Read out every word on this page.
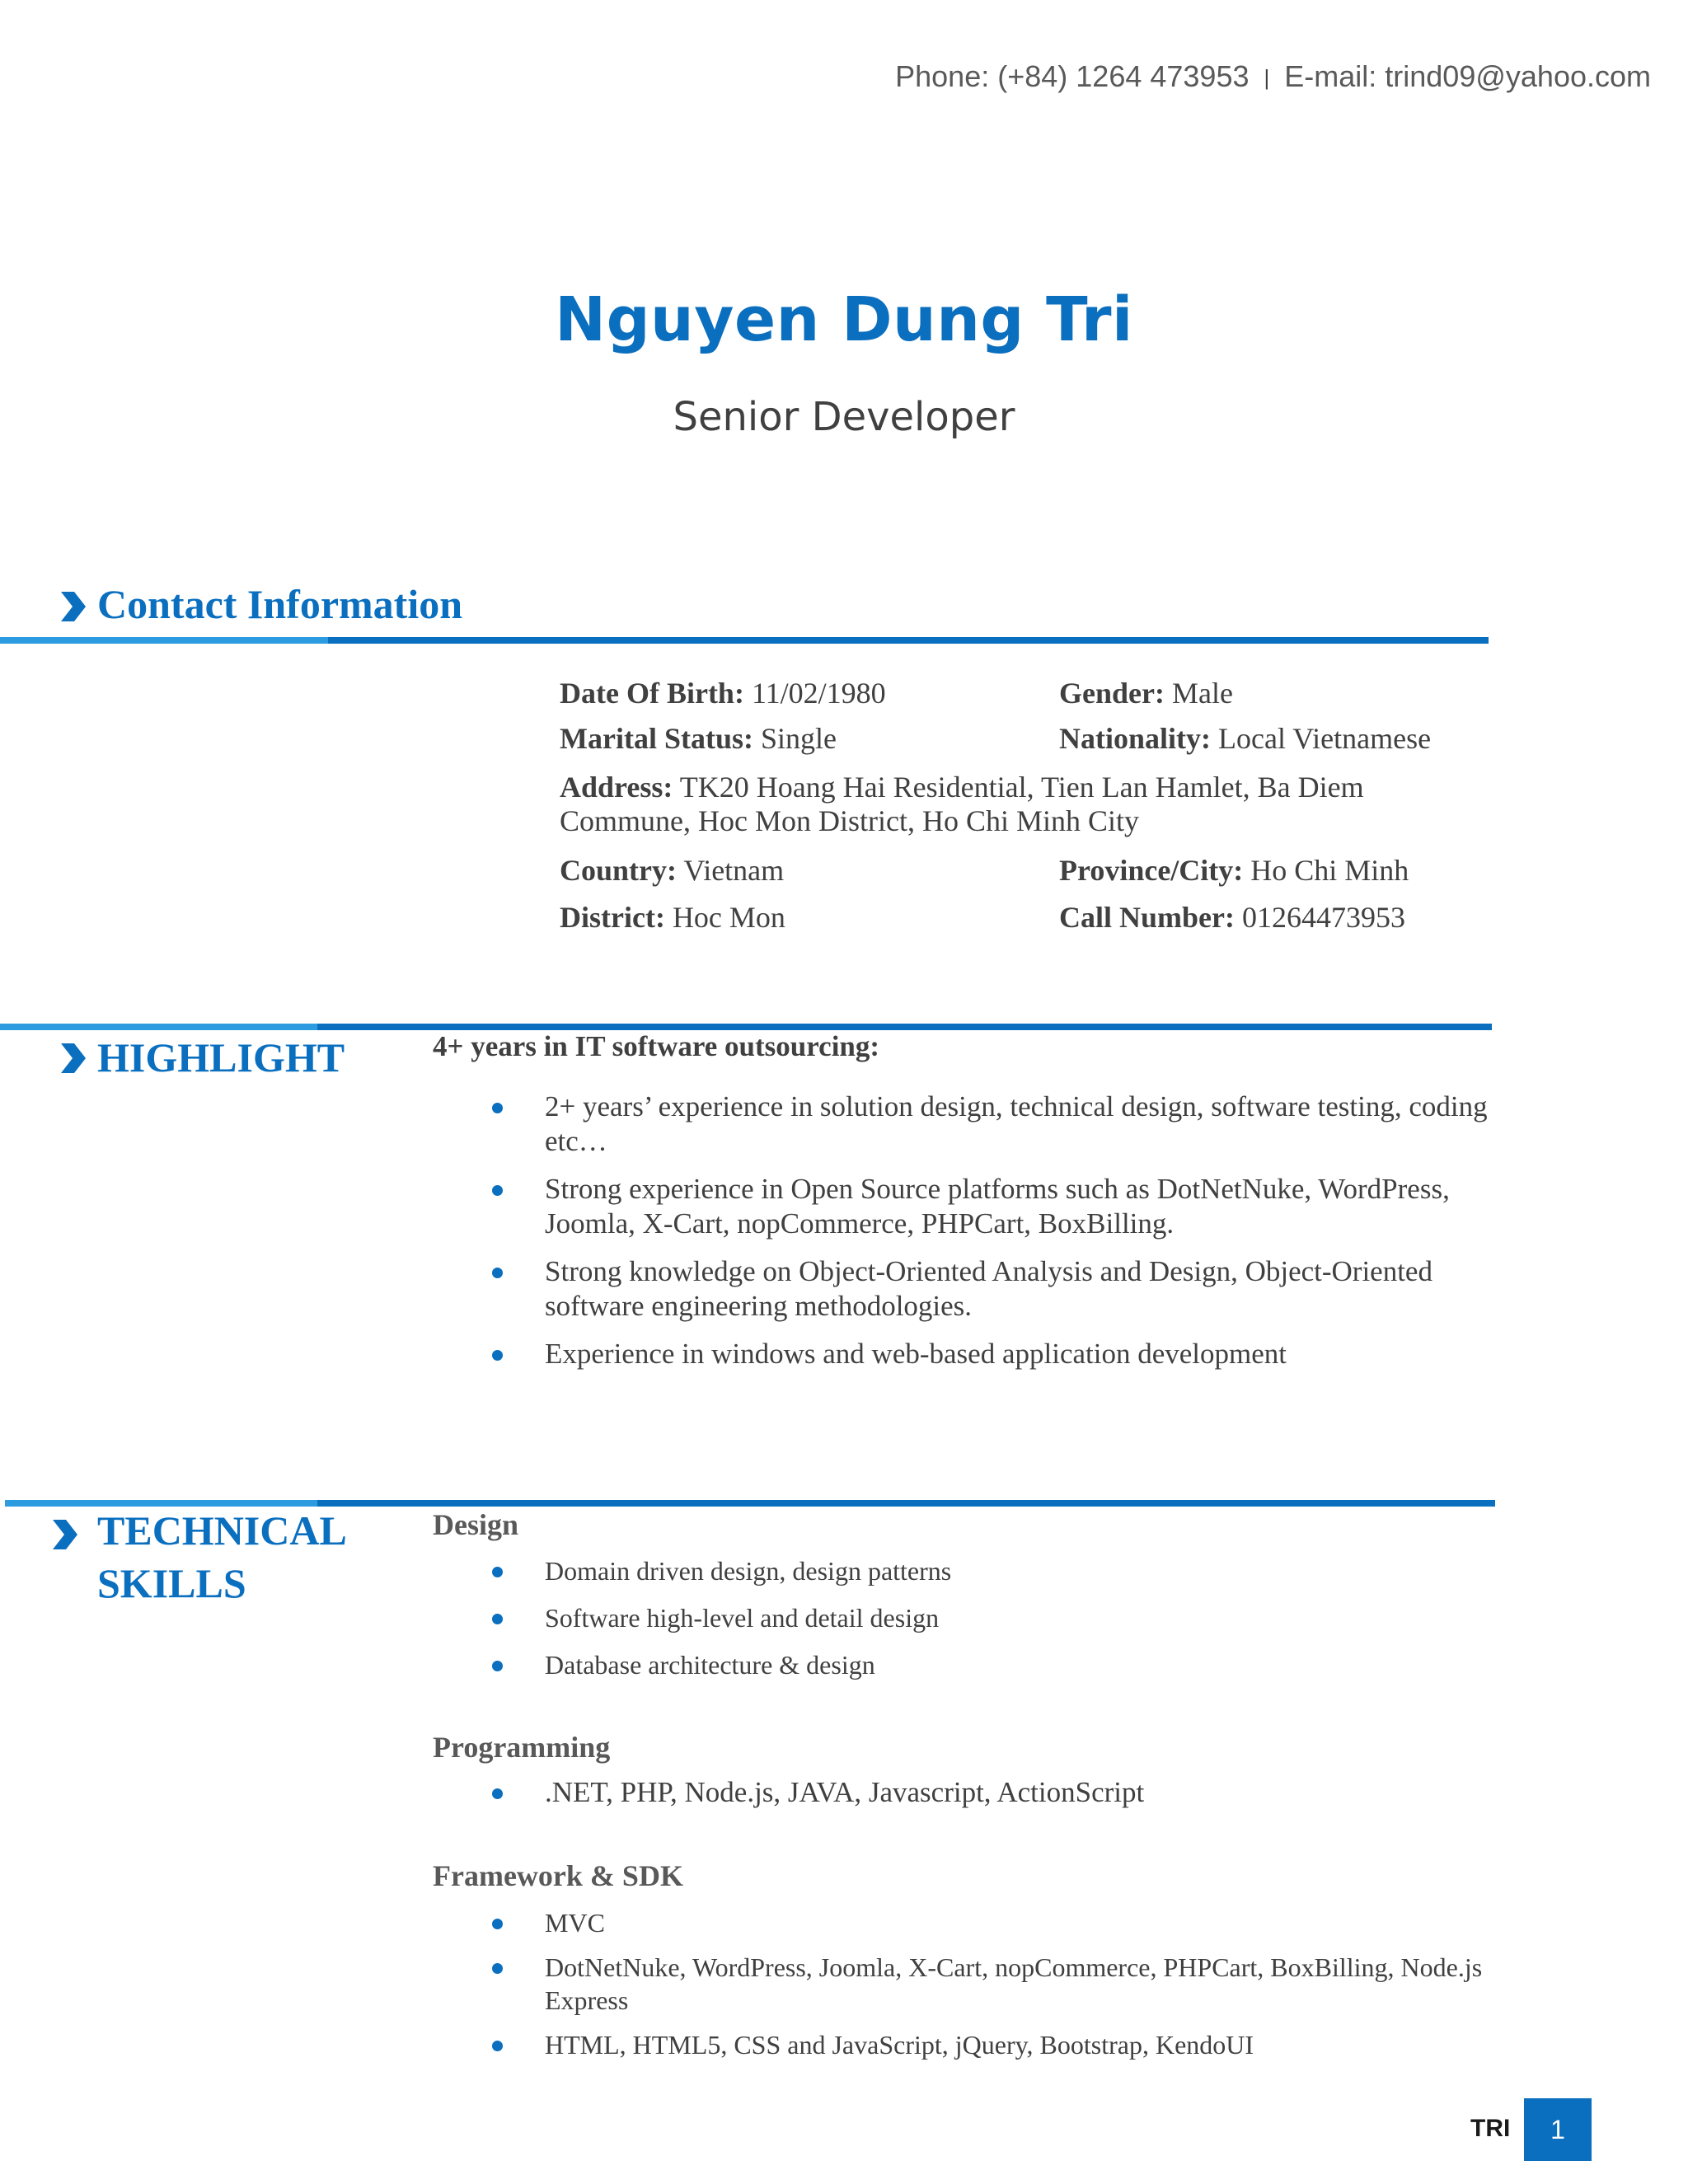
Phone: (+84) 1264 473953 | E-mail: trind09@yahoo.com
Nguyen Dung Tri
Senior Developer
Contact Information
Date Of Birth: 11/02/1980	Gender: Male
Marital Status: Single	Nationality: Local Vietnamese
Address: TK20 Hoang Hai Residential, Tien Lan Hamlet, Ba Diem
Commune, Hoc Mon District, Ho Chi Minh City
Country: Vietnam	Province/City: Ho Chi Minh
District: Hoc Mon	Call Number: 01264473953
HIGHLIGHT	4+ years in IT software outsourcing:
2+ years’ experience in solution design, technical design, software testing, coding
etc…
Strong experience in Open Source platforms such as DotNetNuke, WordPress,
Joomla, X-Cart, nopCommerce, PHPCart, BoxBilling.
Strong knowledge on Object-Oriented Analysis and Design, Object-Oriented
software engineering methodologies.
Experience in windows and web-based application development
TECHNICAL
SKILLS
Design
Domain driven design, design patterns
Software high-level and detail design
Database architecture & design
Programming
.NET, PHP, Node.js, JAVA, Javascript, ActionScript
Framework & SDK
MVC
DotNetNuke, WordPress, Joomla, X-Cart, nopCommerce, PHPCart, BoxBilling, Node.js
Express
HTML, HTML5, CSS and JavaScript, jQuery, Bootstrap, KendoUI
TRI	1
